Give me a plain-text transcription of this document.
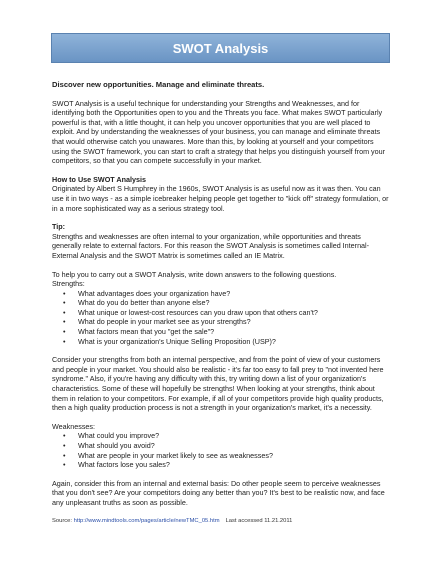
SWOT Analysis

Discover new opportunities. Manage and eliminate threats.

SWOT Analysis is a useful technique for understanding your Strengths and Weaknesses, and for identifying both the Opportunities open to you and the Threats you face. What makes SWOT particularly powerful is that, with a little thought, it can help you uncover opportunities that you are well placed to exploit. And by understanding the weaknesses of your business, you can manage and eliminate threats that would otherwise catch you unawares. More than this, by looking at yourself and your competitors using the SWOT framework, you can start to craft a strategy that helps you distinguish yourself from your competitors, so that you can compete successfully in your market.

How to Use SWOT Analysis

Originated by Albert S Humphrey in the 1960s, SWOT Analysis is as useful now as it was then. You can use it in two ways - as a simple icebreaker helping people get together to "kick off" strategy formulation, or in a more sophisticated way as a serious strategy tool.

Tip:

Strengths and weaknesses are often internal to your organization, while opportunities and threats generally relate to external factors. For this reason the SWOT Analysis is sometimes called Internal-External Analysis and the SWOT Matrix is sometimes called an IE Matrix.

To help you to carry out a SWOT Analysis, write down answers to the following questions.

Strengths:

• What advantages does your organization have?
• What do you do better than anyone else?
• What unique or lowest-cost resources can you draw upon that others can't?
• What do people in your market see as your strengths?
• What factors mean that you "get the sale"?
• What is your organization's Unique Selling Proposition (USP)?

Consider your strengths from both an internal perspective, and from the point of view of your customers and people in your market. You should also be realistic - it's far too easy to fall prey to "not invented here syndrome." Also, if you're having any difficulty with this, try writing down a list of your organization's characteristics. Some of these will hopefully be strengths! When looking at your strengths, think about them in relation to your competitors. For example, if all of your competitors provide high quality products, then a high quality production process is not a strength in your organization's market, it's a necessity.

Weaknesses:

• What could you improve?
• What should you avoid?
• What are people in your market likely to see as weaknesses?
• What factors lose you sales?

Again, consider this from an internal and external basis: Do other people seem to perceive weaknesses that you don't see? Are your competitors doing any better than you? It's best to be realistic now, and face any unpleasant truths as soon as possible.

Source: http://www.mindtools.com/pages/article/newTMC_05.htm Last accessed 11.21.2011
